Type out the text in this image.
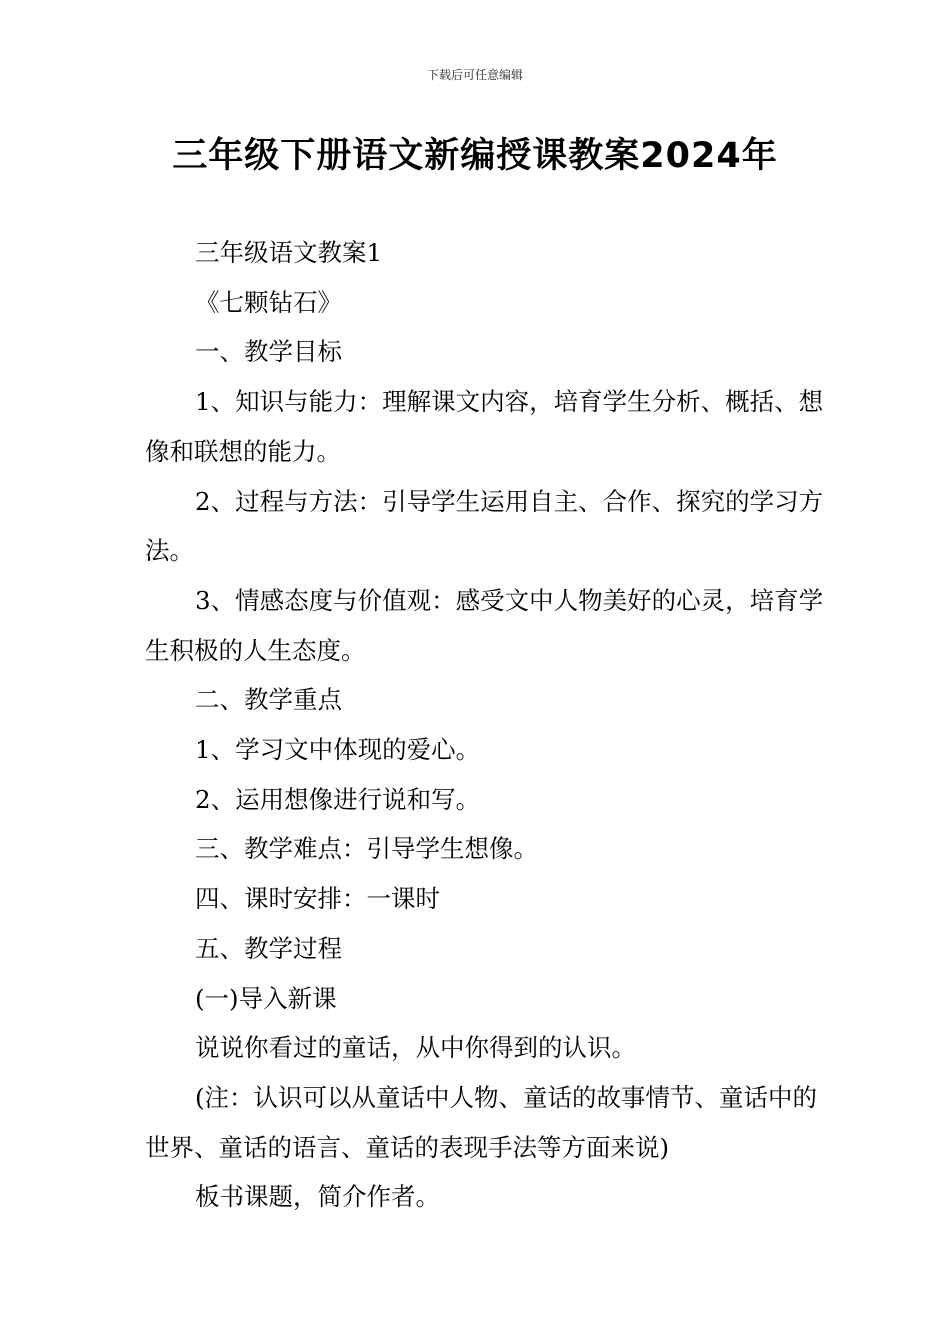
下载后可任意编辑
三年级下册语文新编授课教案2024年

三年级语文教案1

《七颗钻石》

一、教学目标

1、知识与能力：理解课文内容，培育学生分析、概括、想像和联想的能力。

2、过程与方法：引导学生运用自主、合作、探究的学习方法。

3、情感态度与价值观：感受文中人物美好的心灵，培育学生积极的人生态度。

二、教学重点

1、学习文中体现的爱心。

2、运用想像进行说和写。

三、教学难点：引导学生想像。

四、课时安排：一课时

五、教学过程

(一)导入新课

说说你看过的童话，从中你得到的认识。

(注：认识可以从童话中人物、童话的故事情节、童话中的世界、童话的语言、童话的表现手法等方面来说)

板书课题，简介作者。
